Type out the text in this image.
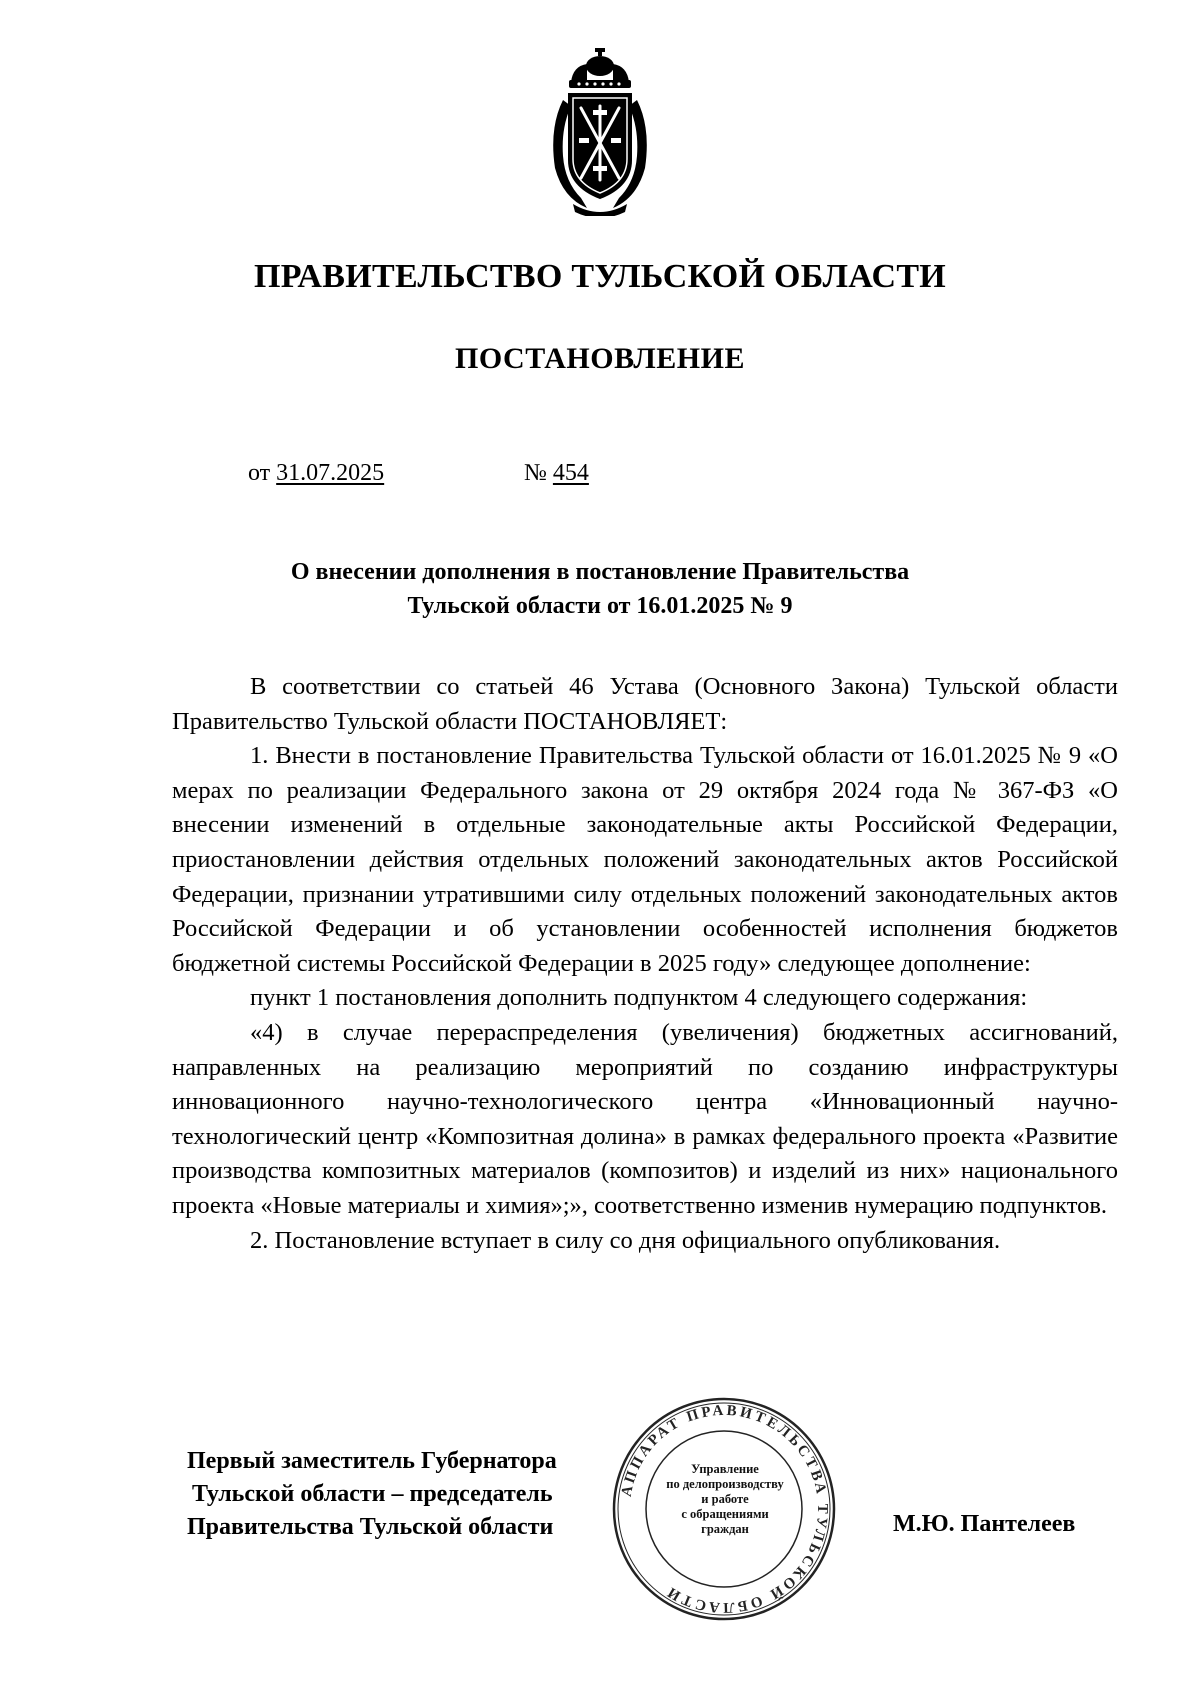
ПРАВИТЕЛЬСТВО ТУЛЬСКОЙ ОБЛАСТИ
ПОСТАНОВЛЕНИЕ
от 31.07.2025	№ 454
О внесении дополнения в постановление Правительства
Тульской области от 16.01.2025 № 9

В соответствии со статьей 46 Устава (Основного Закона) Тульской области Правительство Тульской области ПОСТАНОВЛЯЕТ:

1. Внести в постановление Правительства Тульской области от 16.01.2025 № 9 «О мерах по реализации Федерального закона от 29 октября 2024 года № 367-ФЗ «О внесении изменений в отдельные законодательные акты Российской Федерации, приостановлении действия отдельных положений законодательных актов Российской Федерации, признании утратившими силу отдельных положений законодательных актов Российской Федерации и об установлении особенностей исполнения бюджетов бюджетной системы Российской Федерации в 2025 году» следующее дополнение:

пункт 1 постановления дополнить подпунктом 4 следующего содержания:

«4) в случае перераспределения (увеличения) бюджетных ассигнований, направленных на реализацию мероприятий по созданию инфраструктуры инновационного научно-технологического центра «Инновационный научно-технологический центр «Композитная долина» в рамках федерального проекта «Развитие производства композитных материалов (композитов) и изделий из них» национального проекта «Новые материалы и химия»;», соответственно изменив нумерацию подпунктов.

2. Постановление вступает в силу со дня официального опубликования.

Первый заместитель Губернатора
Тульской области – председатель
Правительства Тульской области
АППАРАТ ПРАВИТЕЛЬСТВА ТУЛЬСКОЙ ОБЛАСТИ
Управление
по делопроизводству
и работе
с обращениями
граждан	М.Ю. Пантелеев
